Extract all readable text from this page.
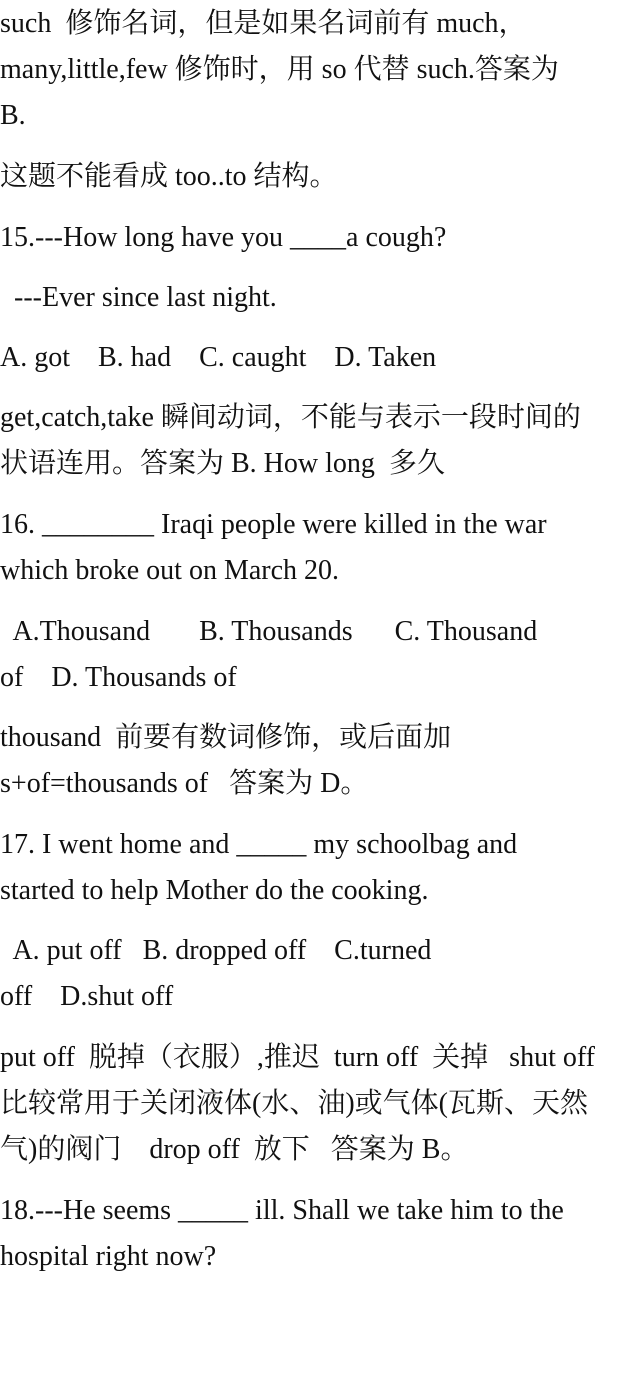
such  修饰名词，但是如果名词前有 much，
many,little,few 修饰时，用 so 代替 such.答案为
B.
这题不能看成 too..to 结构。
15.---How long have you ____a cough?
---Ever since last night.
A. got    B. had    C. caught    D. Taken
get,catch,take 瞬间动词，不能与表示一段时间的
状语连用。答案为 B. How long  多久
16. ________ Iraqi people were killed in the war
which broke out on March 20.
A.Thousand       B. Thousands      C. Thousand
of    D. Thousands of
thousand  前要有数词修饰，或后面加
s+of=thousands of   答案为 D。
17. I went home and _____ my schoolbag and
started to help Mother do the cooking.
A. put off   B. dropped off    C.turned
off    D.shut off
put off  脱掉（衣服）,推迟  turn off  关掉   shut off
比较常用于关闭液体(水、油)或气体(瓦斯、天然
气)的阀门    drop off  放下   答案为 B。
18.---He seems _____ ill. Shall we take him to the
hospital right now?
